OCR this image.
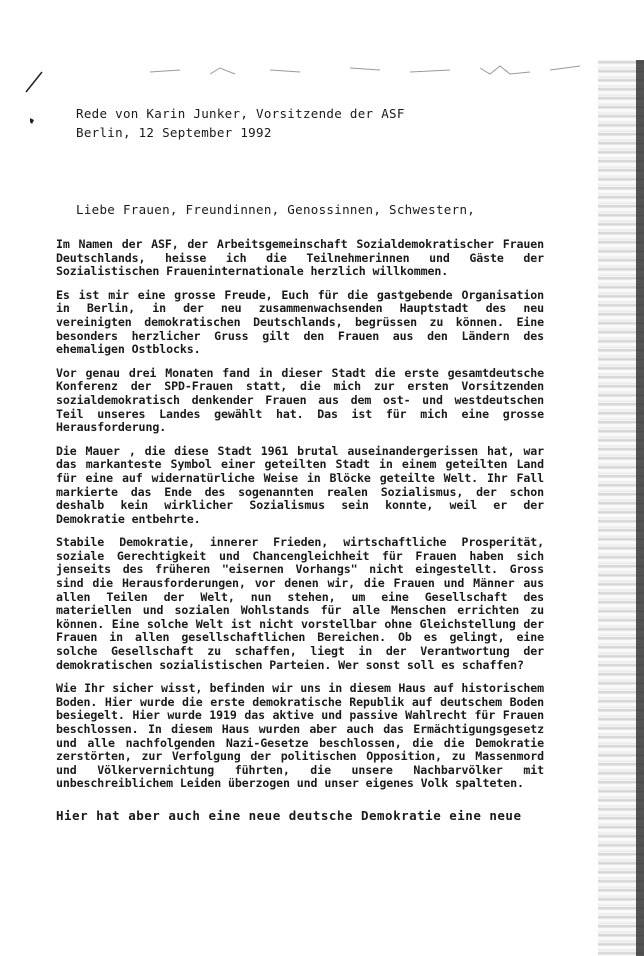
Rede von Karin Junker, Vorsitzende der ASF
Berlin, 12 September 1992
Liebe Frauen, Freundinnen, Genossinnen, Schwestern,

Im Namen der ASF, der Arbeitsgemeinschaft Sozialdemokratischer Frauen Deutschlands, heisse ich die Teilnehmerinnen und Gäste der Sozialistischen Fraueninternationale herzlich willkommen.

Es ist mir eine grosse Freude, Euch für die gastgebende Organisation in Berlin, in der neu zusammenwachsenden Hauptstadt des neu vereinigten demokratischen Deutschlands, begrüssen zu können. Eine besonders herzlicher Gruss gilt den Frauen aus den Ländern des ehemaligen Ostblocks.

Vor genau drei Monaten fand in dieser Stadt die erste gesamtdeutsche Konferenz der SPD-Frauen statt, die mich zur ersten Vorsitzenden sozialdemokratisch denkender Frauen aus dem ost- und westdeutschen Teil unseres Landes gewählt hat. Das ist für mich eine grosse Herausforderung.

Die Mauer , die diese Stadt 1961 brutal auseinandergerissen hat, war das markanteste Symbol einer geteilten Stadt in einem geteilten Land für eine auf widernatürliche Weise in Blöcke geteilte Welt. Ihr Fall markierte das Ende des sogenannten realen Sozialismus, der schon deshalb kein wirklicher Sozialismus sein konnte, weil er der Demokratie entbehrte.

Stabile Demokratie, innerer Frieden, wirtschaftliche Prosperität, soziale Gerechtigkeit und Chancengleichheit für Frauen haben sich jenseits des früheren "eisernen Vorhangs" nicht eingestellt. Gross sind die Herausforderungen, vor denen wir, die Frauen und Männer aus allen Teilen der Welt, nun stehen, um eine Gesellschaft des materiellen und sozialen Wohlstands für alle Menschen errichten zu können. Eine solche Welt ist nicht vorstellbar ohne Gleichstellung der Frauen in allen gesellschaftlichen Bereichen. Ob es gelingt, eine solche Gesellschaft zu schaffen, liegt in der Verantwortung der demokratischen sozialistischen Parteien. Wer sonst soll es schaffen?

Wie Ihr sicher wisst, befinden wir uns in diesem Haus auf historischem Boden. Hier wurde die erste demokratische Republik auf deutschem Boden besiegelt. Hier wurde 1919 das aktive und passive Wahlrecht für Frauen beschlossen. In diesem Haus wurden aber auch das Ermächtigungsgesetz und alle nachfolgenden Nazi-Gesetze beschlossen, die die Demokratie zerstörten, zur Verfolgung der politischen Opposition, zu Massenmord und Völkervernichtung führten, die unsere Nachbarvölker mit unbeschreiblichem Leiden überzogen und unser eigenes Volk spalteten.

Hier hat aber auch eine neue deutsche Demokratie eine neue
